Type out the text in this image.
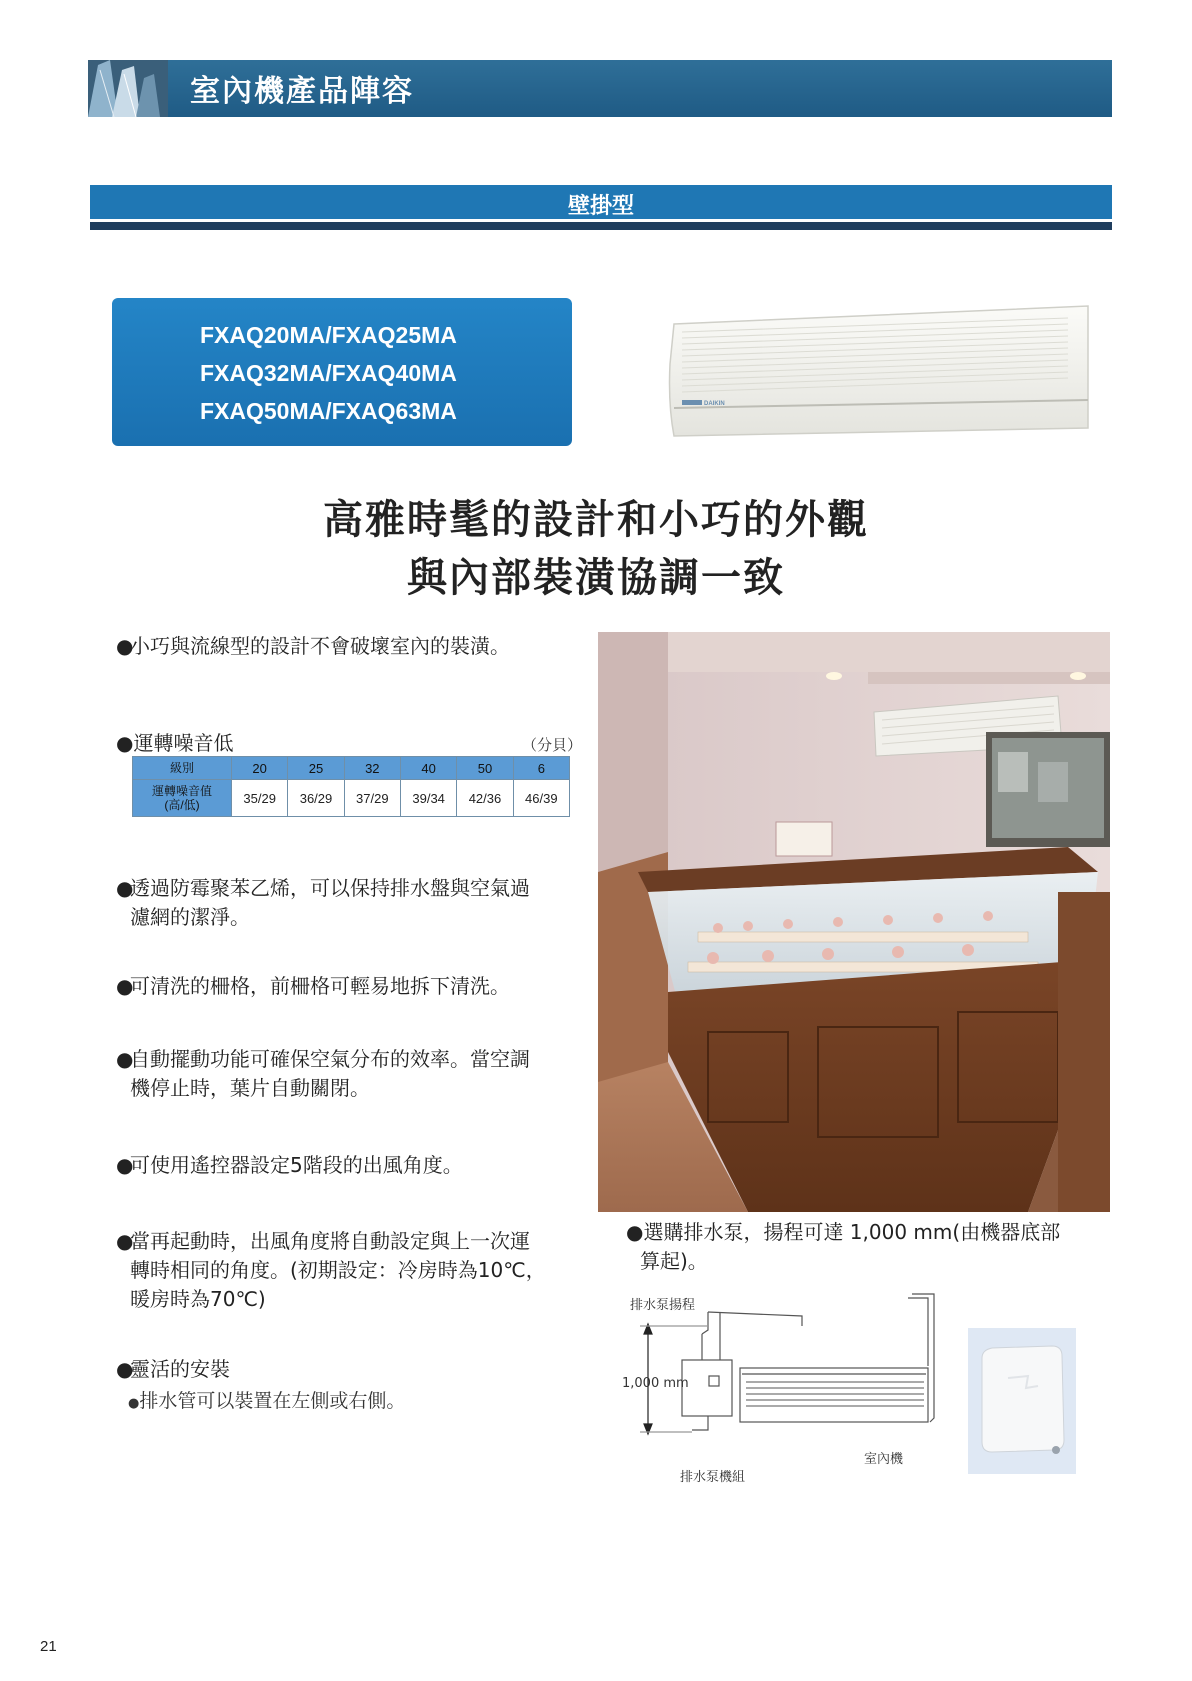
室內機產品陣容
壁掛型
FXAQ20MA/FXAQ25MA
FXAQ32MA/FXAQ40MA
FXAQ50MA/FXAQ63MA	DAIKIN
高雅時髦的設計和小巧的外觀
與內部裝潢協調一致
●小巧與流線型的設計不會破壞室內的裝潢。
●運轉噪音低	（分貝）
級別	20	25	32	40	50	6
運轉噪音值
(高/低)	35/29	36/29	37/29	39/34	42/36	46/39
●透過防霉聚苯乙烯，可以保持排水盤與空氣過
濾網的潔淨。
●可清洗的柵格，前柵格可輕易地拆下清洗。
●自動擺動功能可確保空氣分布的效率。當空調
機停止時，葉片自動關閉。
●可使用遙控器設定5階段的出風角度。
●當再起動時，出風角度將自動設定與上一次運
轉時相同的角度。(初期設定：冷房時為10℃，
暖房時為70℃)
●靈活的安裝
●排水管可以裝置在左側或右側。
●選購排水泵，揚程可達 1,000 mm(由機器底部
算起)。
排水泵揚程
1,000 mm
室內機
排水泵機組
21
